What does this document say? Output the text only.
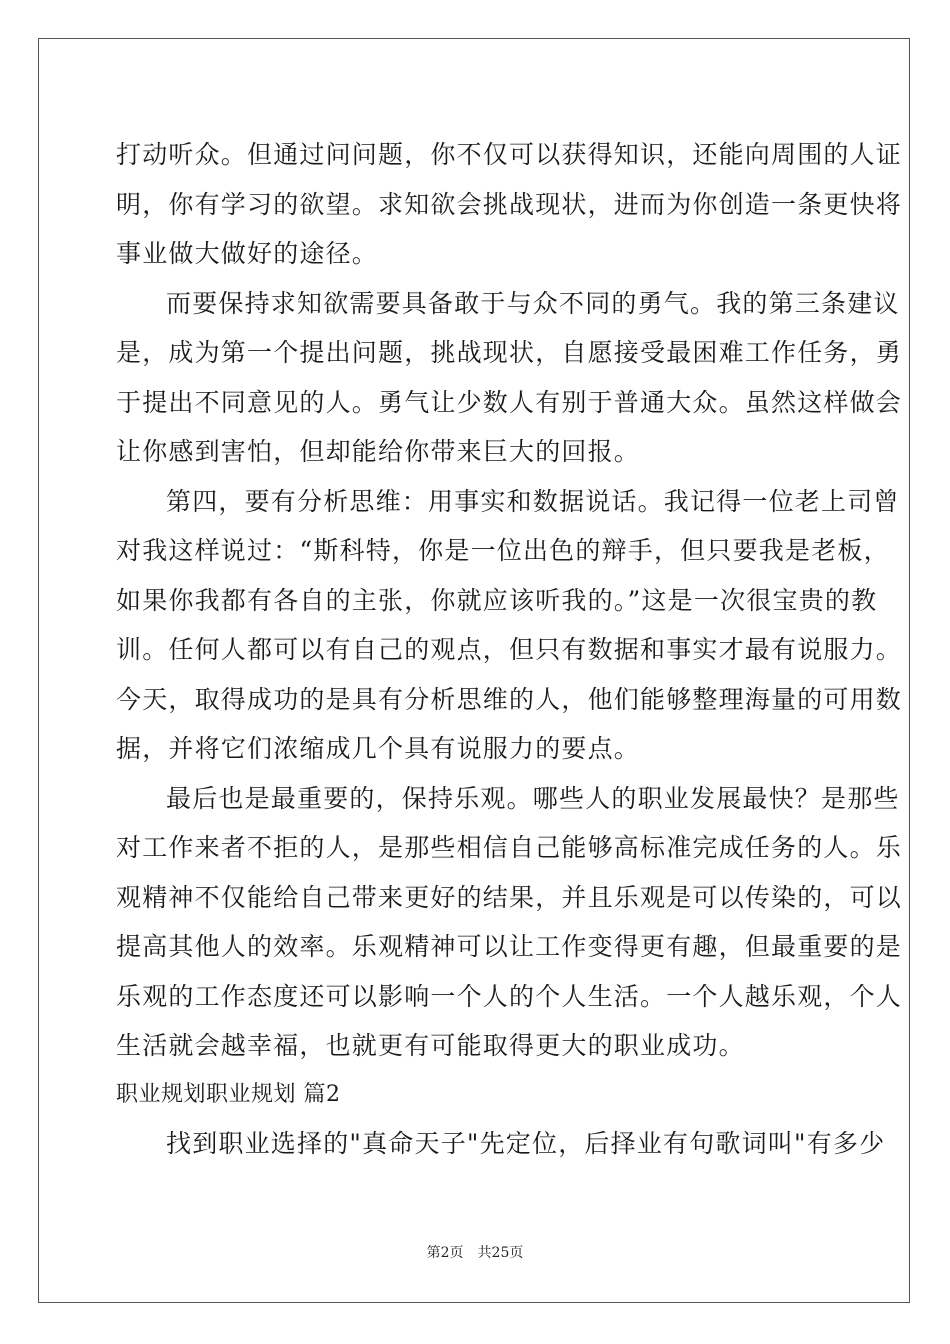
打动听众。但通过问问题，你不仅可以获得知识，还能向周围的人证
明，你有学习的欲望。求知欲会挑战现状，进而为你创造一条更快将
事业做大做好的途径。
而要保持求知欲需要具备敢于与众不同的勇气。我的第三条建议
是，成为第一个提出问题，挑战现状，自愿接受最困难工作任务，勇
于提出不同意见的人。勇气让少数人有别于普通大众。虽然这样做会
让你感到害怕，但却能给你带来巨大的回报。
第四，要有分析思维：用事实和数据说话。我记得一位老上司曾
对我这样说过：“斯科特，你是一位出色的辩手，但只要我是老板，
如果你我都有各自的主张，你就应该听我的。”这是一次很宝贵的教
训。任何人都可以有自己的观点，但只有数据和事实才最有说服力。
今天，取得成功的是具有分析思维的人，他们能够整理海量的可用数
据，并将它们浓缩成几个具有说服力的要点。
最后也是最重要的，保持乐观。哪些人的职业发展最快？是那些
对工作来者不拒的人，是那些相信自己能够高标准完成任务的人。乐
观精神不仅能给自己带来更好的结果，并且乐观是可以传染的，可以
提高其他人的效率。乐观精神可以让工作变得更有趣，但最重要的是
乐观的工作态度还可以影响一个人的个人生活。一个人越乐观，个人
生活就会越幸福，也就更有可能取得更大的职业成功。
职业规划职业规划 篇2
找到职业选择的"真命天子"先定位，后择业有句歌词叫"有多少
第2页　共25页
